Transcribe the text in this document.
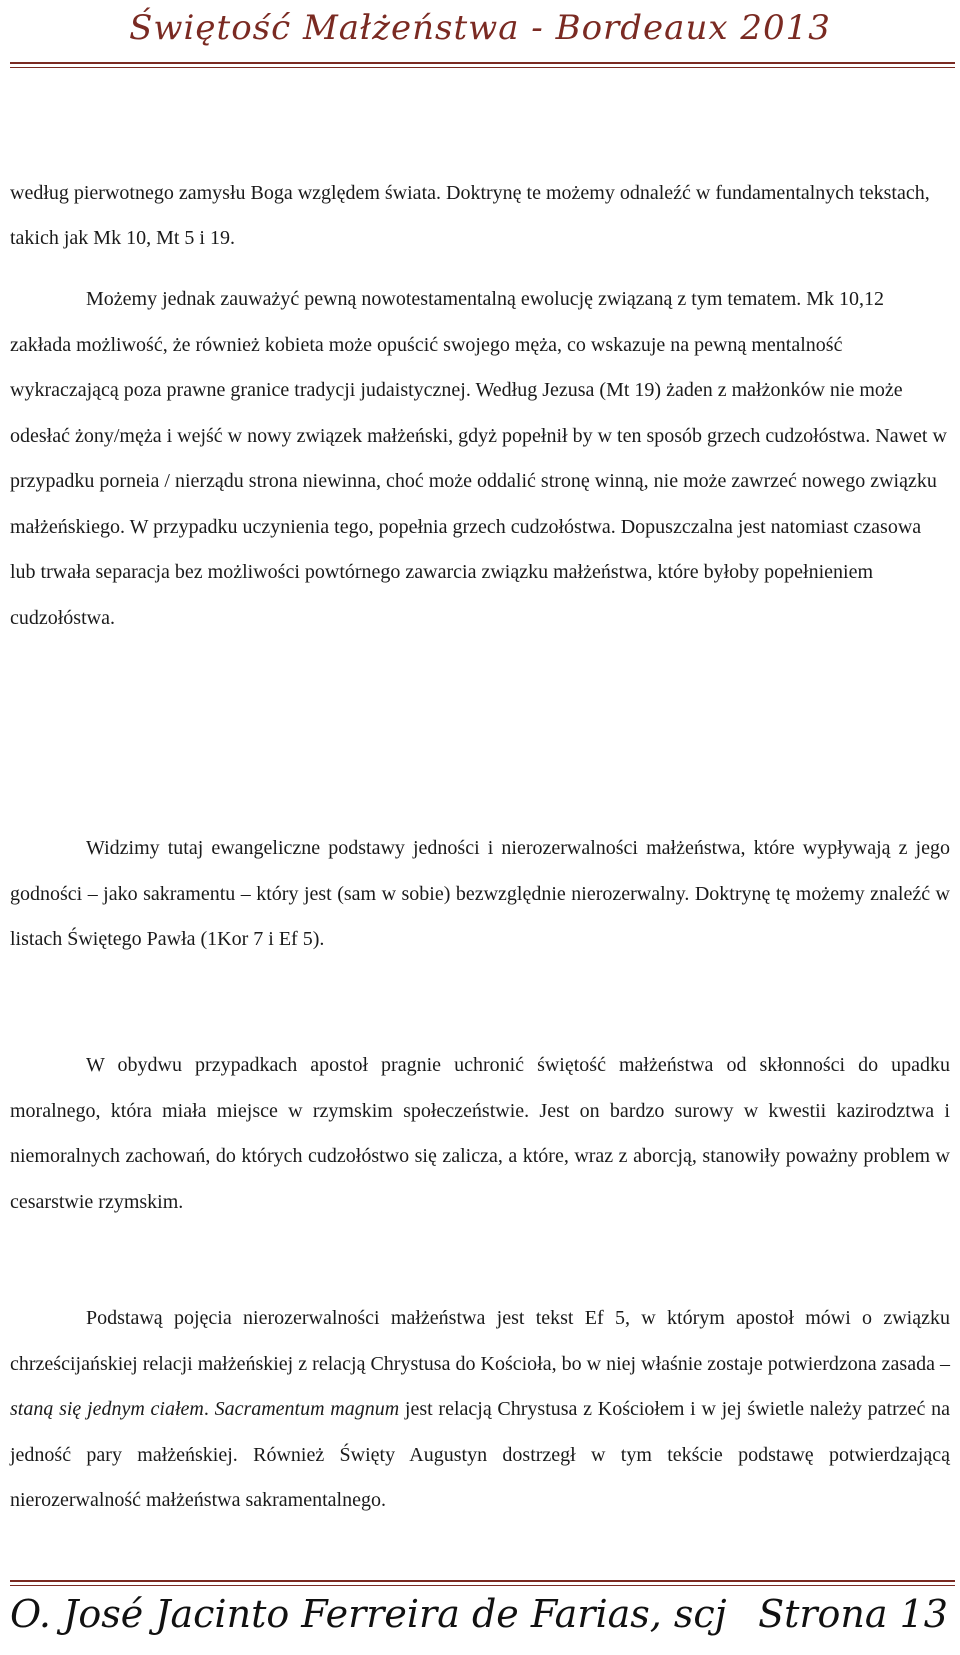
Świętość Małżeństwa - Bordeaux 2013

według pierwotnego zamysłu Boga względem świata. Doktrynę te możemy odnaleźć w fundamentalnych tekstach, takich jak Mk 10, Mt 5 i 19.

Możemy jednak zauważyć pewną nowotestamentalną ewolucję związaną z tym tematem. Mk 10,12 zakłada możliwość, że również kobieta może opuścić swojego męża, co wskazuje na pewną mentalność wykraczającą poza prawne granice tradycji judaistycznej. Według Jezusa (Mt 19) żaden z małżonków nie może odesłać żony/męża i wejść w nowy związek małżeński, gdyż popełnił by w ten sposób grzech cudzołóstwa. Nawet w przypadku porneia / nierządu strona niewinna, choć może oddalić stronę winną, nie może zawrzeć nowego związku małżeńskiego. W przypadku uczynienia tego, popełnia grzech cudzołóstwa. Dopuszczalna jest natomiast czasowa lub trwała separacja bez możliwości powtórnego zawarcia związku małżeństwa, które byłoby popełnieniem cudzołóstwa.

Widzimy tutaj ewangeliczne podstawy jedności i nierozerwalności małżeństwa, które wypływają z jego godności – jako sakramentu – który jest (sam w sobie) bezwzględnie nierozerwalny. Doktrynę tę możemy znaleźć w listach Świętego Pawła (1Kor 7 i Ef 5).

W obydwu przypadkach apostoł pragnie uchronić świętość małżeństwa od skłonności do upadku moralnego, która miała miejsce w rzymskim społeczeństwie. Jest on bardzo surowy w kwestii kazirodztwa i niemoralnych zachowań, do których cudzołóstwo się zalicza, a które, wraz z aborcją, stanowiły poważny problem w cesarstwie rzymskim.

Podstawą pojęcia nierozerwalności małżeństwa jest tekst Ef 5, w którym apostoł mówi o związku chrześcijańskiej relacji małżeńskiej z relacją Chrystusa do Kościoła, bo w niej właśnie zostaje potwierdzona zasada – staną się jednym ciałem. Sacramentum magnum jest relacją Chrystusa z Kościołem i w jej świetle należy patrzeć na jedność pary małżeńskiej. Również Święty Augustyn dostrzegł w tym tekście podstawę potwierdzającą nierozerwalność małżeństwa sakramentalnego.

O. José Jacinto Ferreira de Farias, scj Strona 13
